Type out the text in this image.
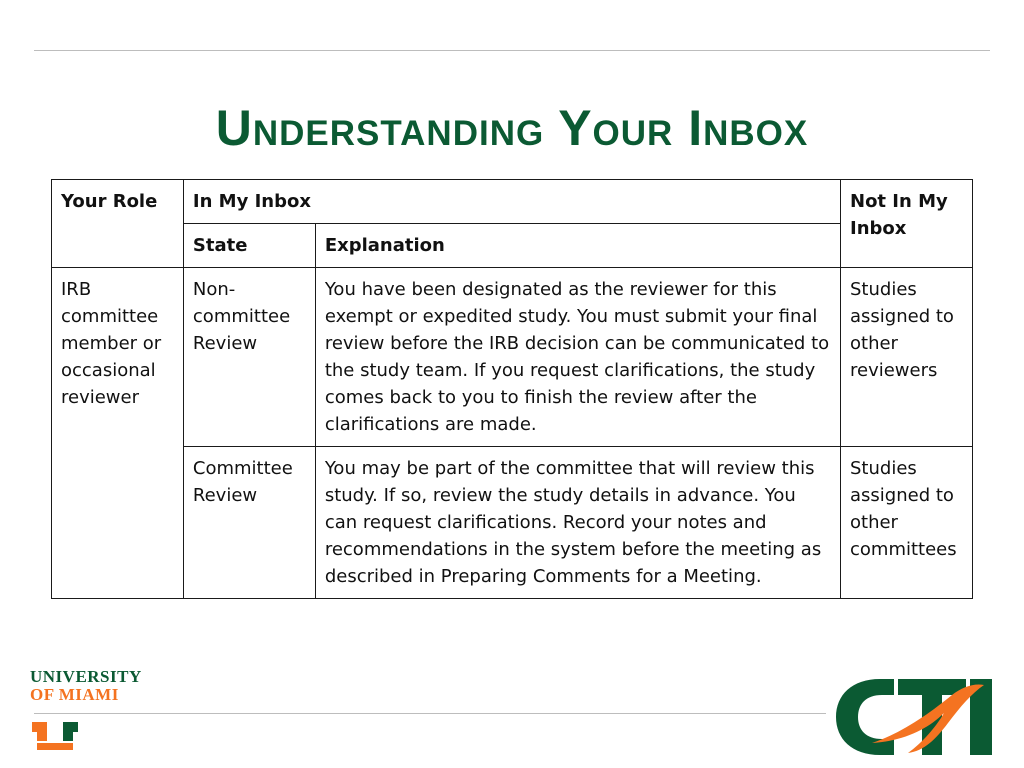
Understanding Your Inbox
Your Role	In My Inbox		Not In My Inbox
	State	Explanation	
IRB committee member or occasional reviewer	Non-committee Review	You have been designated as the reviewer for this exempt or expedited study. You must submit your final review before the IRB decision can be communicated to the study team. If you request clarifications, the study comes back to you to finish the review after the clarifications are made.	Studies assigned to other reviewers
	Committee Review	You may be part of the committee that will review this study. If so, review the study details in advance. You can request clarifications. Record your notes and recommendations in the system before the meeting as described in Preparing Comments for a Meeting.	Studies assigned to other committees
UNIVERSITY
OF MIAMI
